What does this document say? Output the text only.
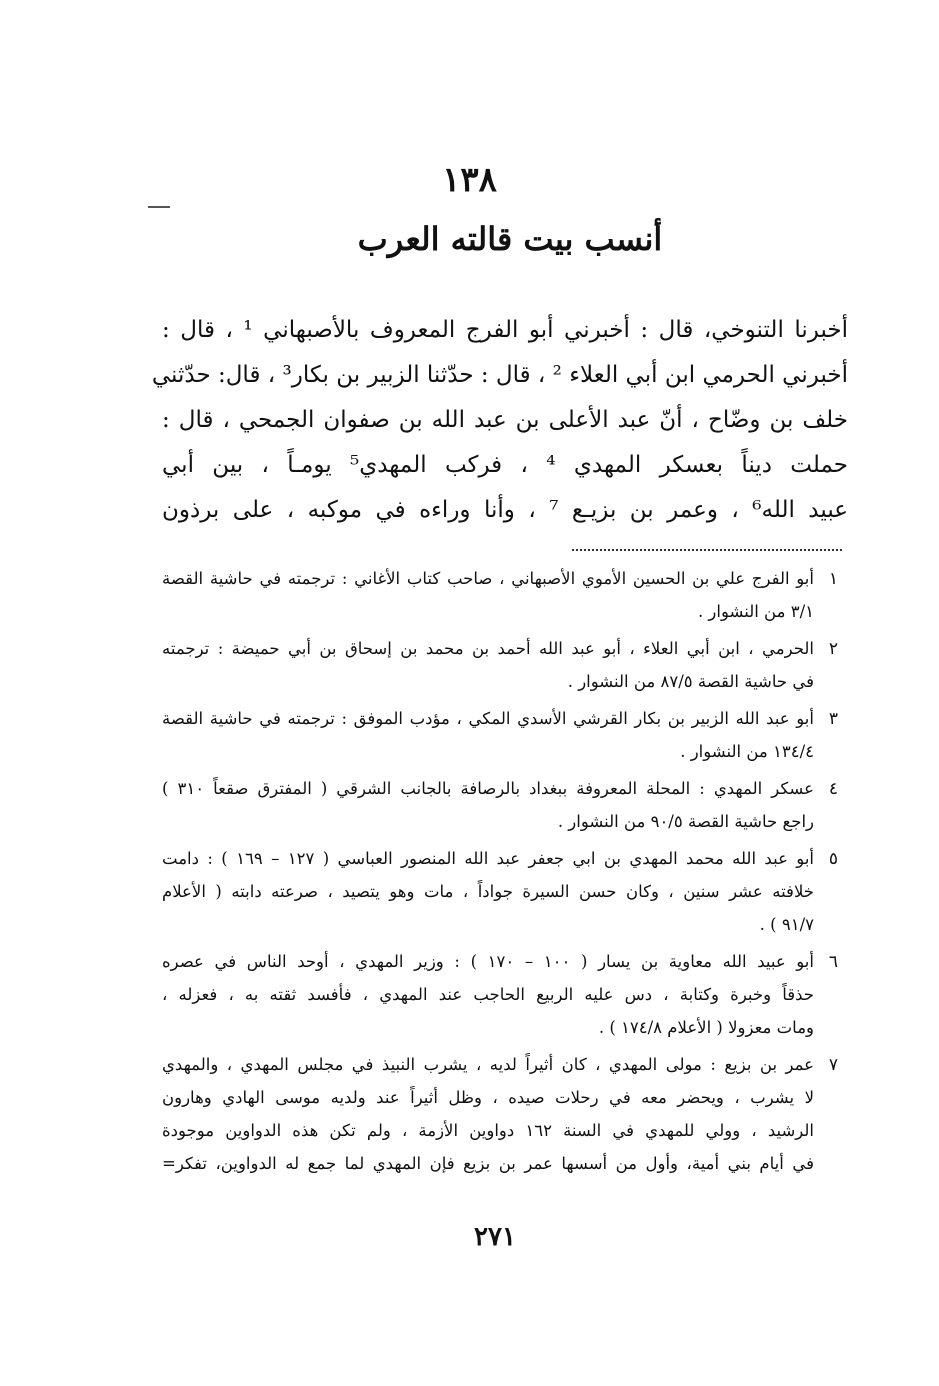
١٣٨
أنسب بيت قالته العرب
أخبرنا التنوخي، قال : أخبرني أبو الفرج المعروف بالأصبهاني ¹ ، قال :
أخبرني الحرمي ابن أبي العلاء ² ، قال : حدّثنا الزبير بن بكار³ ، قال: حدّثني
خلف بن وضّاح ، أنّ عبد الأعلى بن عبد الله بن صفوان الجمحي ، قال :
حملت ديناً بعسكر المهدي ⁴ ، فركب المهدي⁵ يومـاً ، بين أبي
عبيد الله⁶ ، وعمر بن بزيـع ⁷ ، وأنا وراءه في موكبه ، على برذون
١
أبو الفرج علي بن الحسين الأموي الأصبهاني ، صاحب كتاب الأغاني : ترجمته في حاشية القصة
٣/١ من النشوار .
٢
الحرمي ، ابن أبي العلاء ، أبو عبد الله أحمد بن محمد بن إسحاق بن أبي حميضة : ترجمته
في حاشية القصة ٨٧/٥ من النشوار .
٣
أبو عبد الله الزبير بن بكار القرشي الأسدي المكي ، مؤدب الموفق : ترجمته في حاشية القصة
١٣٤/٤ من النشوار .
٤
عسكر المهدي : المحلة المعروفة ببغداد بالرصافة بالجانب الشرقي ( المفترق صقعاً ٣١٠ )
راجع حاشية القصة ٩٠/٥ من النشوار .
٥
أبو عبد الله محمد المهدي بن ابي جعفر عبد الله المنصور العباسي ( ١٢٧ – ١٦٩ ) : دامت
خلافته عشر سنين ، وكان حسن السيرة جواداً ، مات وهو يتصيد ، صرعته دابته ( الأعلام
٩١/٧ ) .
٦
أبو عبيد الله معاوية بن يسار ( ١٠٠ – ١٧٠ ) : وزير المهدي ، أوحد الناس في عصره
حذقاً وخبرة وكتابة ، دس عليه الربيع الحاجب عند المهدي ، فأفسد ثقته به ، فعزله ،
ومات معزولا ( الأعلام ١٧٤/٨ ) .
٧
عمر بن بزيع : مولى المهدي ، كان أثيراً لديه ، يشرب النبيذ في مجلس المهدي ، والمهدي
لا يشرب ، ويحضر معه في رحلات صيده ، وظل أثيراً عند ولديه موسى الهادي وهارون
الرشيد ، وولي للمهدي في السنة ١٦٢ دواوين الأزمة ، ولم تكن هذه الدواوين موجودة
في أيام بني أمية، وأول من أسسها عمر بن بزيع فإن المهدي لما جمع له الدواوين، تفكر=
٢٧١
